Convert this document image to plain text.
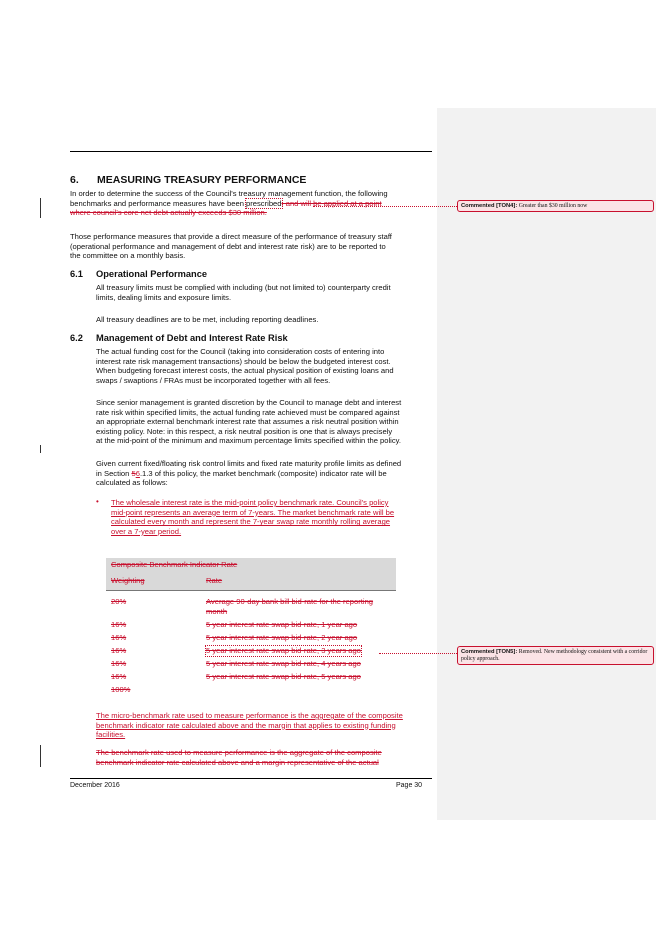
6. MEASURING TREASURY PERFORMANCE
In order to determine the success of the Council's treasury management function, the following
benchmarks and performance measures have been prescribed, and will be applied at a point
where council's core net debt actually exceeds $30 million.
Those performance measures that provide a direct measure of the performance of treasury staff
(operational performance and management of debt and interest rate risk) are to be reported to
the committee on a monthly basis.
6.1 Operational Performance
All treasury limits must be complied with including (but not limited to) counterparty credit
limits, dealing limits and exposure limits.
All treasury deadlines are to be met, including reporting deadlines.
6.2 Management of Debt and Interest Rate Risk
The actual funding cost for the Council (taking into consideration costs of entering into
interest rate risk management transactions) should be below the budgeted interest cost.
When budgeting forecast interest costs, the actual physical position of existing loans and
swaps / swaptions / FRAs must be incorporated together with all fees.
Since senior management is granted discretion by the Council to manage debt and interest
rate risk within specified limits, the actual funding rate achieved must be compared against
an appropriate external benchmark interest rate that assumes a risk neutral position within
existing policy. Note: in this respect, a risk neutral position is one that is always precisely
at the mid-point of the minimum and maximum percentage limits specified within the policy.
Given current fixed/floating risk control limits and fixed rate maturity profile limits as defined
in Section 56.1.3 of this policy, the market benchmark (composite) indicator rate will be
calculated as follows:
• The wholesale interest rate is the mid-point policy benchmark rate. Council's policy
mid-point represents an average term of 7-years. The market benchmark rate will be
calculated every month and represent the 7-year swap rate monthly rolling average
over a 7-year period.
Composite Benchmark Indicator Rate
Weighting	Rate
20%	Average 90-day bank bill bid-rate for the reporting
month
16%	5 year interest rate swap bid-rate, 1 year ago
16%	5 year interest rate swap bid-rate, 2 year ago
16%	5 year interest rate swap bid-rate, 3 years ago
16%	5 year interest rate swap bid-rate, 4 years ago
16%	5 year interest rate swap bid-rate, 5 years ago
100%
The micro-benchmark rate used to measure performance is the aggregate of the composite
benchmark indicator rate calculated above and the margin that applies to existing funding
facilities.
The benchmark rate used to measure performance is the aggregate of the composite
benchmark indicator rate calculated above and a margin representative of the actual
Commented [TON4]: Greater than $30 million now
Commented [TON5]: Removed. New methodology consistent with a corridor policy approach.
December 2016	Page 30
